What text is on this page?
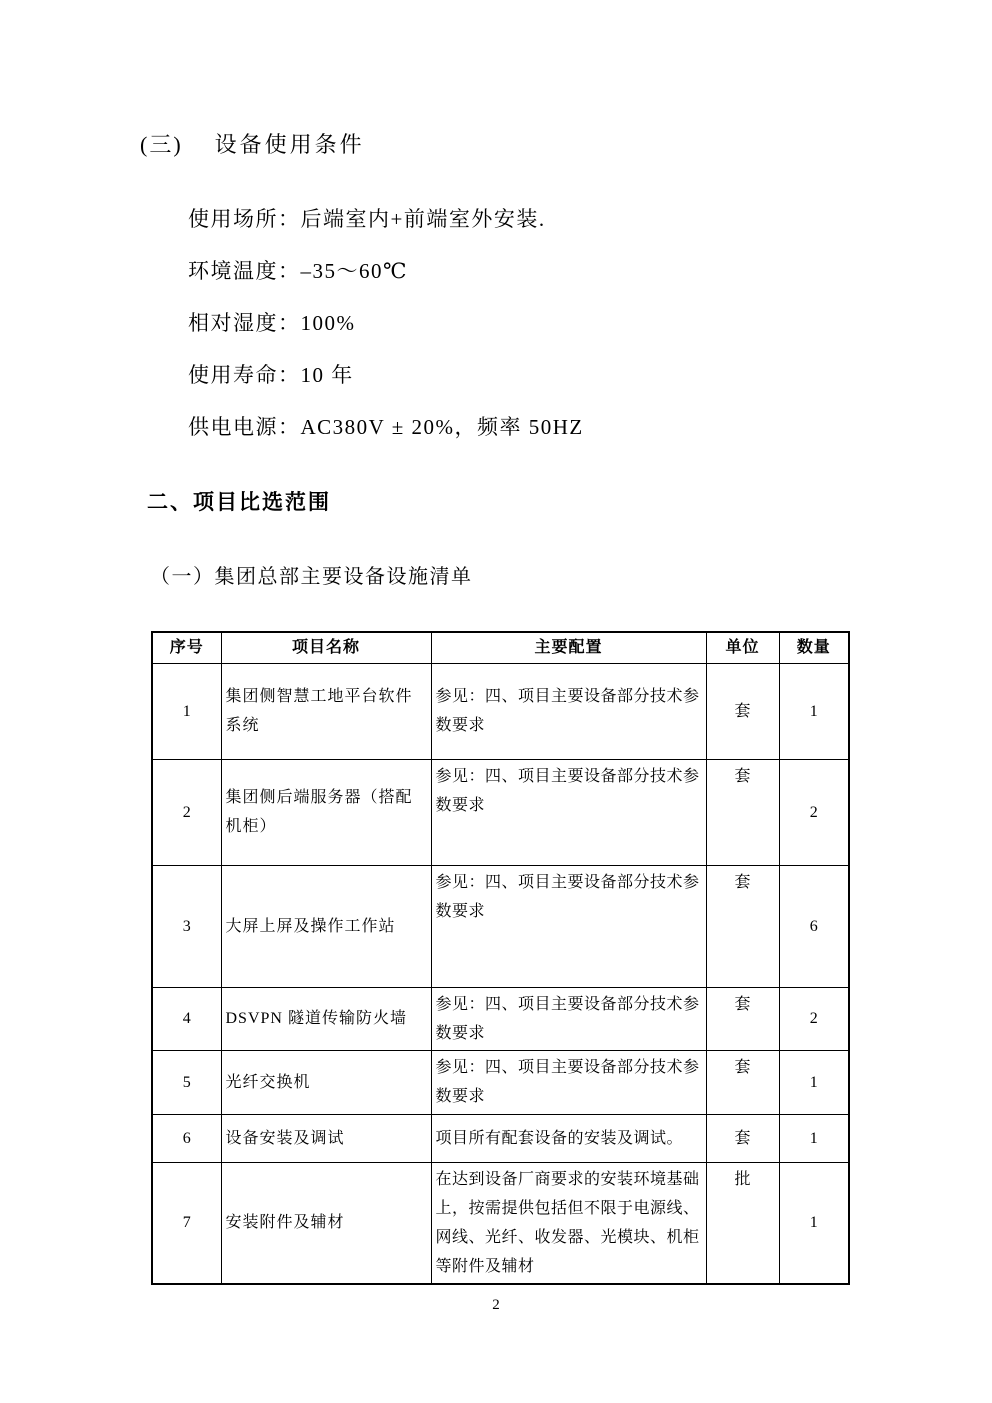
(三) 设备使用条件

使用场所：后端室内+前端室外安装.

环境温度：–35～60℃

相对湿度：100%

使用寿命：10 年

供电电源：AC380V ± 20%，频率 50HZ

二、项目比选范围
（一）集团总部主要设备设施清单
序号	项目名称	主要配置	单位	数量
1	集团侧智慧工地平台软件系统	参见：四、项目主要设备部分技术参数要求	套	1
2	集团侧后端服务器（搭配机柜）	参见：四、项目主要设备部分技术参数要求	套	2
3	大屏上屏及操作工作站	参见：四、项目主要设备部分技术参数要求	套	6
4	DSVPN 隧道传输防火墙	参见：四、项目主要设备部分技术参数要求	套	2
5	光纤交换机	参见：四、项目主要设备部分技术参数要求	套	1
6	设备安装及调试	项目所有配套设备的安装及调试。	套	1
7	安装附件及辅材	在达到设备厂商要求的安装环境基础上，按需提供包括但不限于电源线、网线、光纤、收发器、光模块、机柜等附件及辅材	批	1
2
